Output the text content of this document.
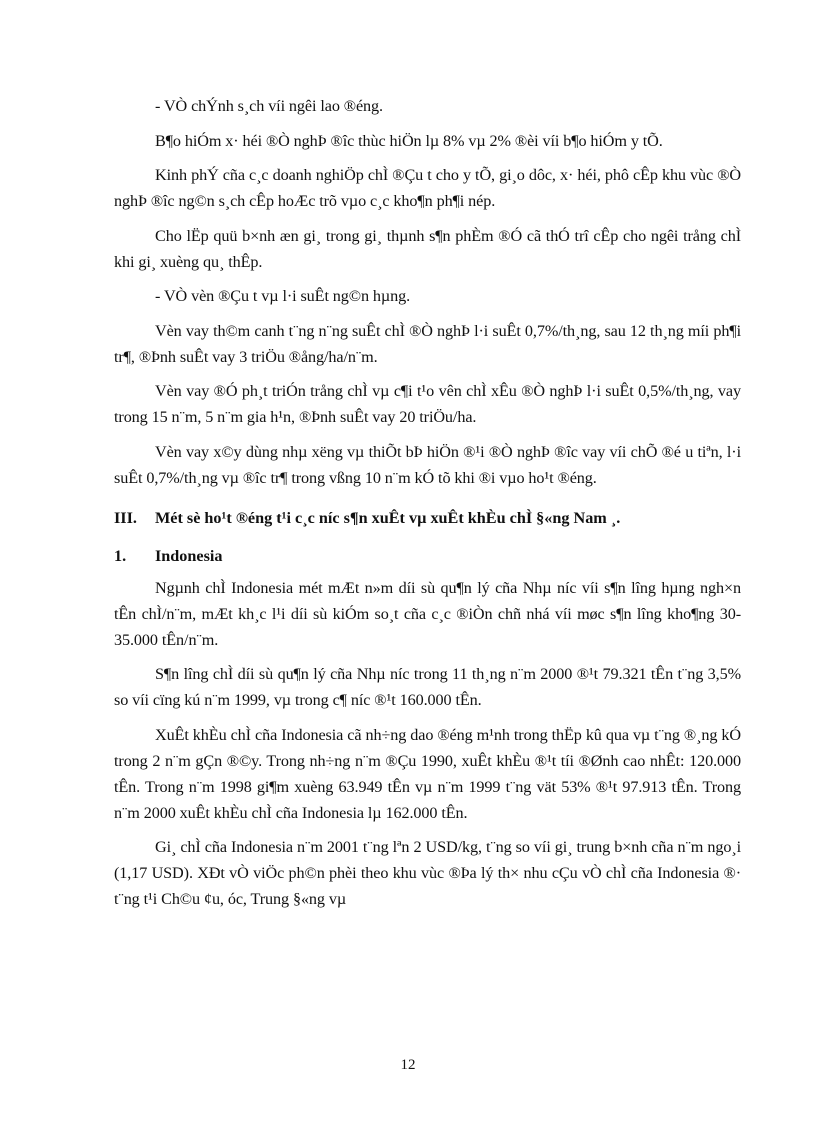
- VÒ chÝnh s¸ch víi ngêi lao ®éng.

B¶o hiÓm x· héi ®Ò nghÞ ®îc thùc hiÖn lµ 8% vµ 2% ®èi víi b¶o hiÓm y tÕ.

Kinh phÝ cña c¸c doanh nghiÖp chÌ ®Çu t cho y tÕ, gi¸o dôc, x· héi, phô cÊp khu vùc ®Ò nghÞ ®îc ng©n s¸ch cÊp hoÆc trõ vµo c¸c kho¶n ph¶i nép.

Cho lËp quü b×nh æn gi¸ trong gi¸ thµnh s¶n phÈm ®Ó cã thÓ trî cÊp cho ngêi trång chÌ khi gi¸ xuèng qu¸ thÊp.

- VÒ vèn ®Çu t vµ l·i suÊt ng©n hµng.

Vèn vay th©m canh t¨ng n¨ng suÊt chÌ ®Ò nghÞ l·i suÊt 0,7%/th¸ng, sau 12 th¸ng míi ph¶i tr¶, ®Þnh suÊt vay 3 triÖu ®ång/ha/n¨m.

Vèn vay ®Ó ph¸t triÓn trång chÌ vµ c¶i t¹o vên chÌ xÊu ®Ò nghÞ l·i suÊt 0,5%/th¸ng, vay trong 15 n¨m, 5 n¨m gia h¹n, ®Þnh suÊt vay 20 triÖu/ha.

Vèn vay x©y dùng nhµ xëng vµ thiÕt bÞ hiÖn ®¹i ®Ò nghÞ ®îc vay víi chÕ ®é u tiªn, l·i suÊt 0,7%/th¸ng vµ ®îc tr¶ trong vßng 10 n¨m kÓ tõ khi ®i vµo ho¹t ®éng.

III.	Mét sè ho¹t ®éng t¹i c¸c níc s¶n xuÊt vµ xuÊt khÈu chÌ §«ng Nam ¸.
1.	Indonesia

Ngµnh chÌ Indonesia mét mÆt n»m díi sù qu¶n lý cña Nhµ níc víi s¶n lîng hµng ngh×n tÊn chÌ/n¨m, mÆt kh¸c l¹i díi sù kiÓm so¸t cña c¸c ®iÒn chñ nhá víi møc s¶n lîng kho¶ng 30-35.000 tÊn/n¨m.

S¶n lîng chÌ díi sù qu¶n lý cña Nhµ níc trong 11 th¸ng n¨m 2000 ®¹t 79.321 tÊn t¨ng 3,5% so víi cïng kú n¨m 1999, vµ trong c¶ níc ®¹t 160.000 tÊn.

XuÊt khÈu chÌ cña Indonesia cã nh÷ng dao ®éng m¹nh trong thËp kû qua vµ t¨ng ®¸ng kÓ trong 2 n¨m gÇn ®©y. Trong nh÷ng n¨m ®Çu 1990, xuÊt khÈu ®¹t tíi ®Ønh cao nhÊt: 120.000 tÊn. Trong n¨m 1998 gi¶m xuèng 63.949 tÊn vµ n¨m 1999 t¨ng vät 53% ®¹t 97.913 tÊn. Trong n¨m 2000 xuÊt khÈu chÌ cña Indonesia lµ 162.000 tÊn.

Gi¸ chÌ cña Indonesia n¨m 2001 t¨ng lªn 2 USD/kg, t¨ng so víi gi¸ trung b×nh cña n¨m ngo¸i (1,17 USD). XÐt vÒ viÖc ph©n phèi theo khu vùc ®Þa lý th× nhu cÇu vÒ chÌ cña Indonesia ®· t¨ng t¹i Ch©u ¢u, óc, Trung §«ng vµ

12
